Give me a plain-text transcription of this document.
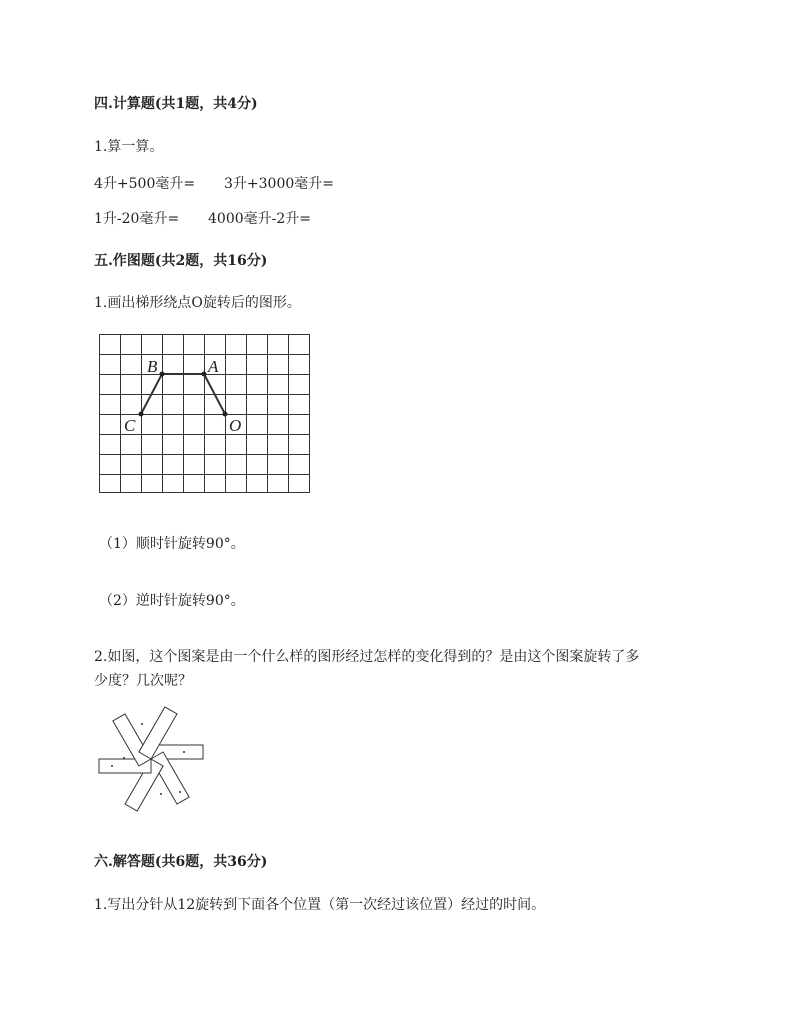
四.计算题(共1题，共4分)
1.算一算。
4升+500毫升= 3升+3000毫升=
1升-20毫升= 4000毫升-2升=
五.作图题(共2题，共16分)
1.画出梯形绕点O旋转后的图形。
B	A
C	O
（1）顺时针旋转90°。
（2）逆时针旋转90°。
2.如图，这个图案是由一个什么样的图形经过怎样的变化得到的？是由这个图案旋转了多
少度？几次呢？
六.解答题(共6题，共36分)
1.写出分针从12旋转到下面各个位置（第一次经过该位置）经过的时间。
